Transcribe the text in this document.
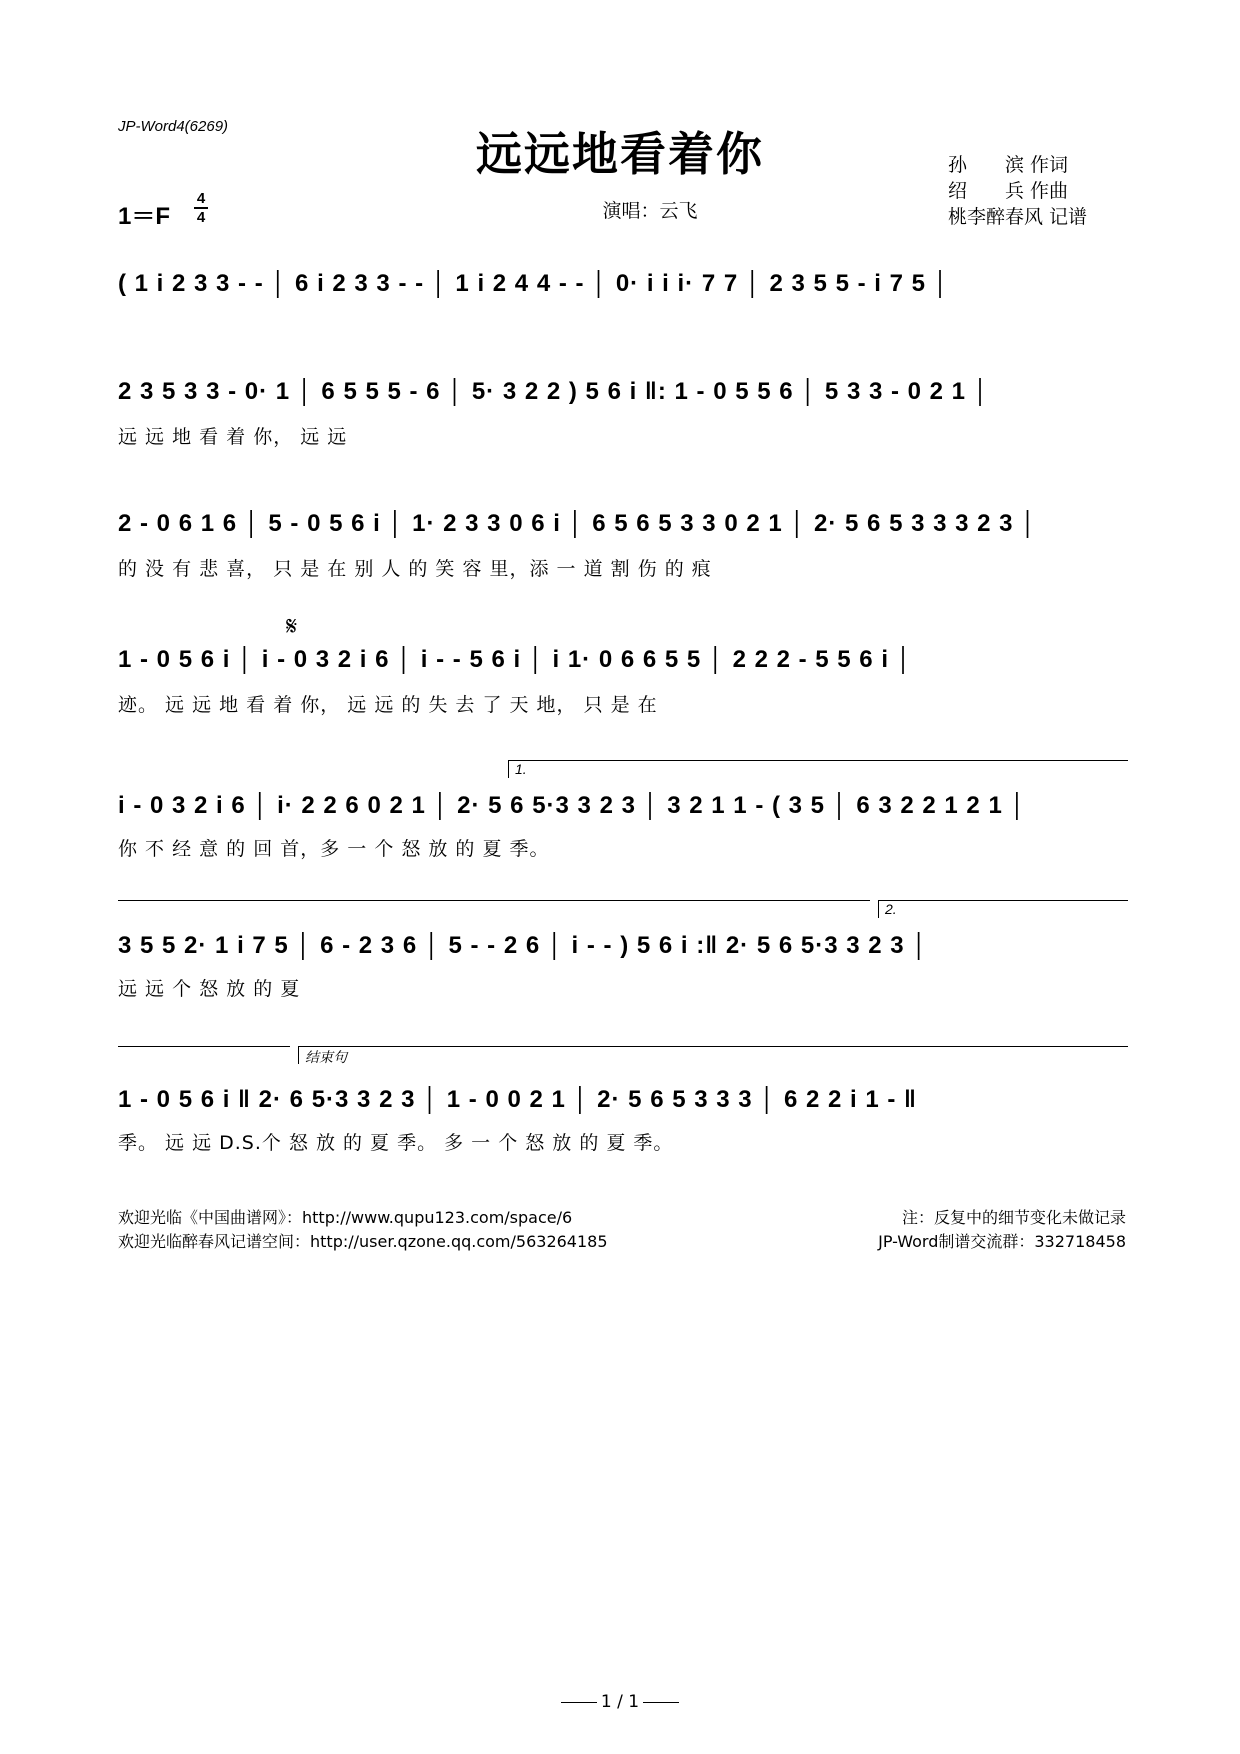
JP-Word4(6269)
远远地看着你	孙　　滨 作词
绍　　兵 作曲
桃李醉春风 记谱
1＝F
4
4	演唱：云飞
( 1 i 2 3 3 - - │ 6 i 2 3 3 - - │ 1 i 2 4 4 - - │ 0· i i i· 7 7 │ 2 3 5 5 - i 7 5 │
2 3 5 3 3 - 0· 1 │ 6 5 5 5 - 6 │ 5· 3 2 2 ) 5 6 i ‖: 1 - 0 5 5 6 │ 5 3 3 - 0 2 1 │
远 远 地 看 着 你， 远 远
2 - 0 6 1 6 │ 5 - 0 5 6 i │ 1· 2 3 3 0 6 i │ 6 5 6 5 3 3 0 2 1 │ 2· 5 6 5 3 3 3 2 3 │
的 没 有 悲 喜， 只 是 在 别 人 的 笑 容 里，添 一 道 割 伤 的 痕
𝄋
1 - 0 5 6 i │ i - 0 3 2 i 6 │ i - - 5 6 i │ i 1· 0 6 6 5 5 │ 2 2 2 - 5 5 6 i │
迹。 远 远 地 看 着 你， 远 远 的 失 去 了 天 地， 只 是 在
1.
i - 0 3 2 i 6 │ i· 2 2 6 0 2 1 │ 2· 5 6 5·3 3 2 3 │ 3 2 1 1 - ( 3 5 │ 6 3 2 2 1 2 1 │
你 不 经 意 的 回 首，多 一 个 怒 放 的 夏 季。
2.
3 5 5 2· 1 i 7 5 │ 6 - 2 3 6 │ 5 - - 2 6 │ i - - ) 5 6 i :‖ 2· 5 6 5·3 3 2 3 │
远 远 个 怒 放 的 夏
结束句
1 - 0 5 6 i ‖ 2· 6 5·3 3 2 3 │ 1 - 0 0 2 1 │ 2· 5 6 5 3 3 3 │ 6 2 2 i 1 - ‖
季。 远 远 D.S.个 怒 放 的 夏 季。 多 一 个 怒 放 的 夏 季。
欢迎光临《中国曲谱网》：http://www.qupu123.com/space/6
欢迎光临醉春风记谱空间：http://user.qzone.qq.com/563264185
注：反复中的细节变化未做记录
JP-Word制谱交流群：332718458
1 / 1
